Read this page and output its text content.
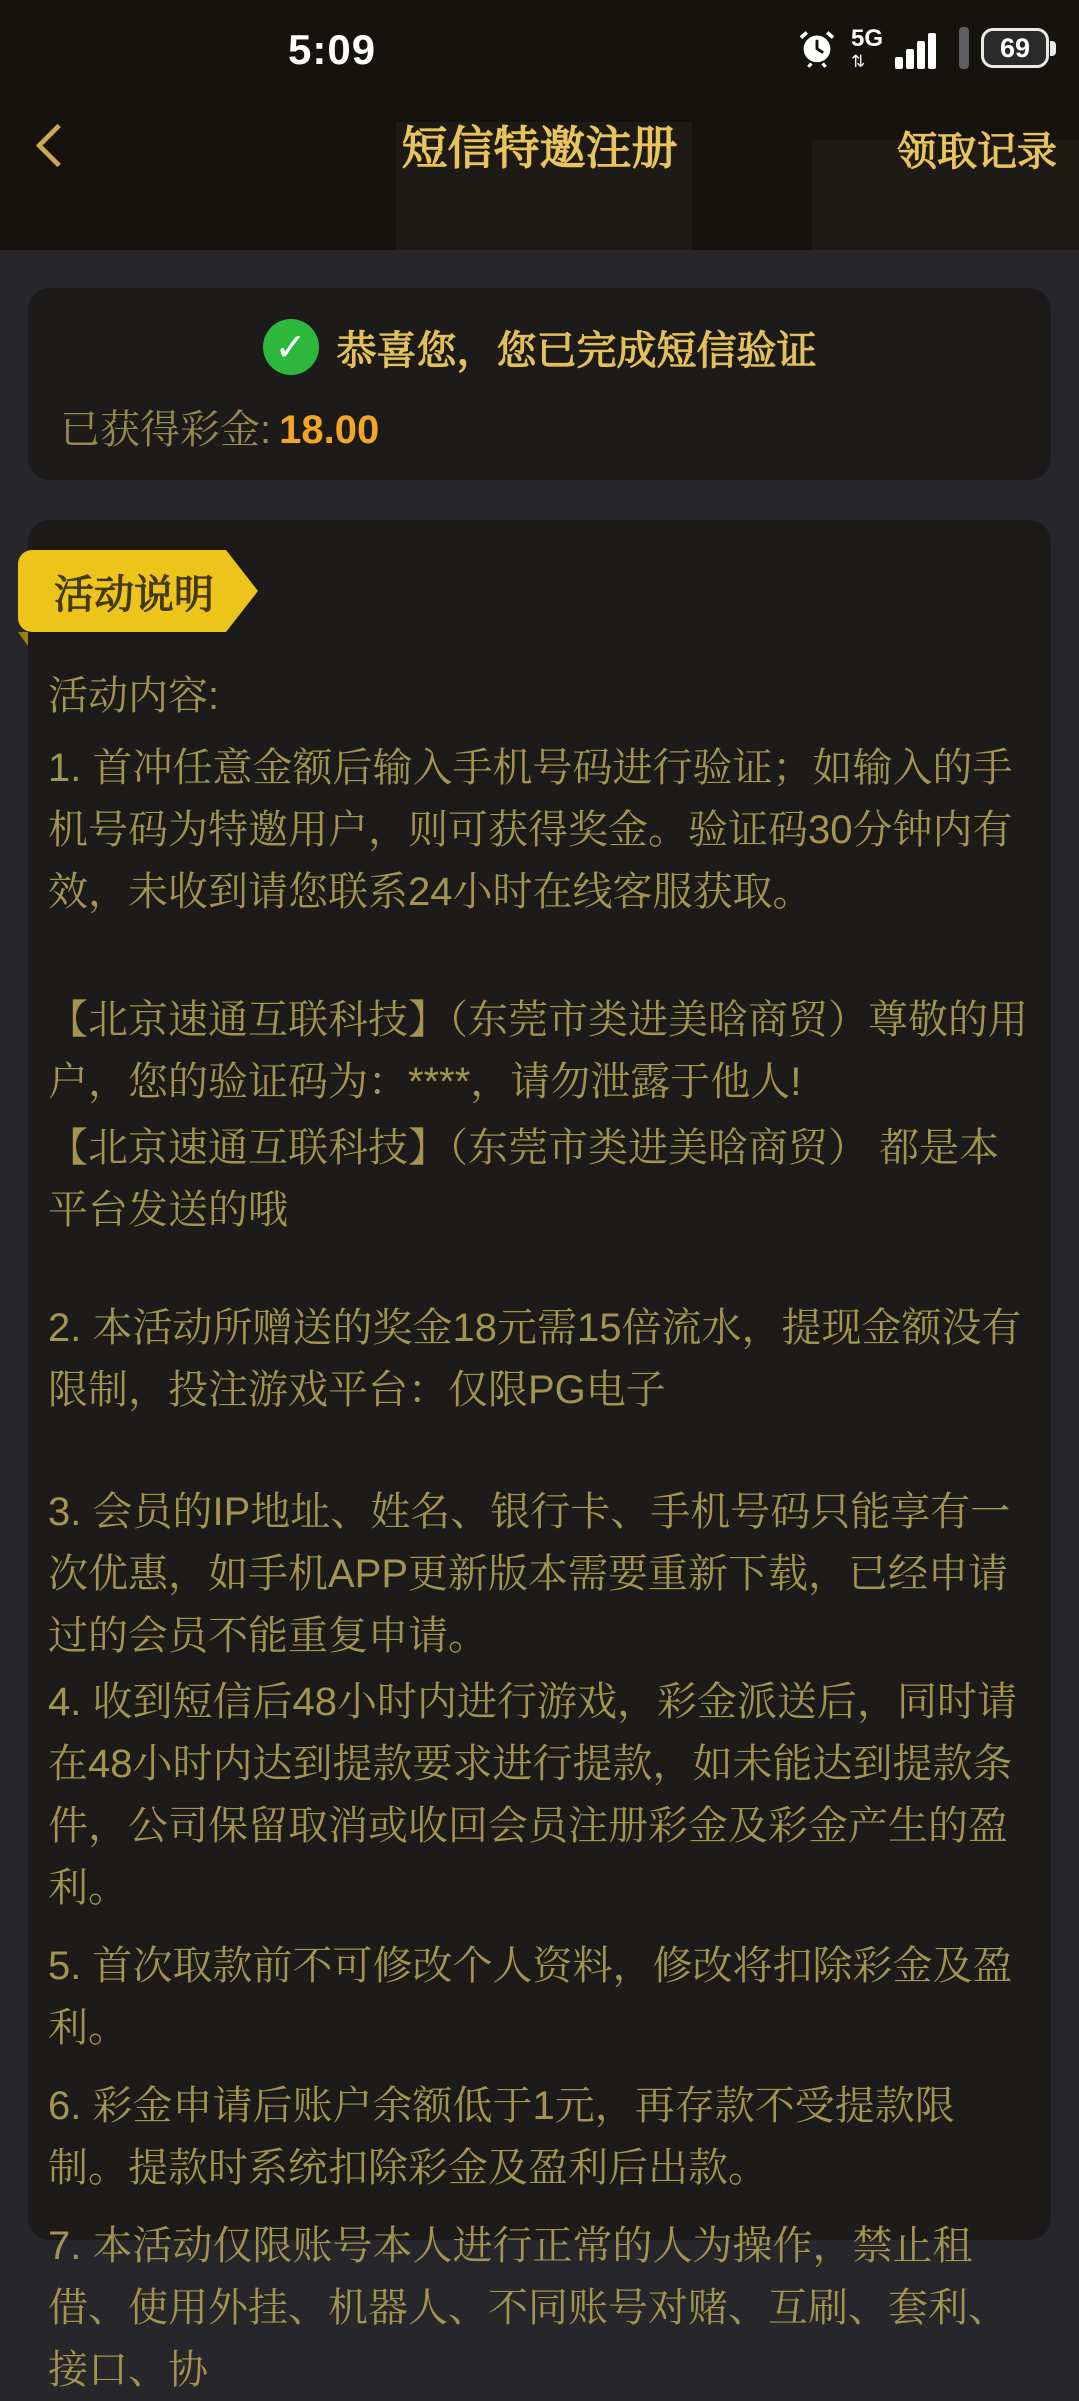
5:09	5G
⇅	69
短信特邀注册	领取记录
✓ 恭喜您，您已完成短信验证
已获得彩金: 18.00
活动说明

活动内容:

1. 首冲任意金额后输入手机号码进行验证；如输入的手机号码为特邀用户，则可获得奖金。验证码30分钟内有效，未收到请您联系24小时在线客服获取。

【北京速通互联科技】（东莞市类进美晗商贸）尊敬的用户，您的验证码为：****，请勿泄露于他人!

【北京速通互联科技】（东莞市类进美晗商贸） 都是本平台发送的哦

2. 本活动所赠送的奖金18元需15倍流水，提现金额没有限制，投注游戏平台：仅限PG电子

3. 会员的IP地址、姓名、银行卡、手机号码只能享有一次优惠，如手机APP更新版本需要重新下载，已经申请过的会员不能重复申请。

4. 收到短信后48小时内进行游戏，彩金派送后，同时请在48小时内达到提款要求进行提款，如未能达到提款条件，公司保留取消或收回会员注册彩金及彩金产生的盈利。

5. 首次取款前不可修改个人资料，修改将扣除彩金及盈利。

6. 彩金申请后账户余额低于1元，再存款不受提款限制。提款时系统扣除彩金及盈利后出款。

7. 本活动仅限账号本人进行正常的人为操作，禁止租借、使用外挂、机器人、不同账号对赌、互刷、套利、接口、协
